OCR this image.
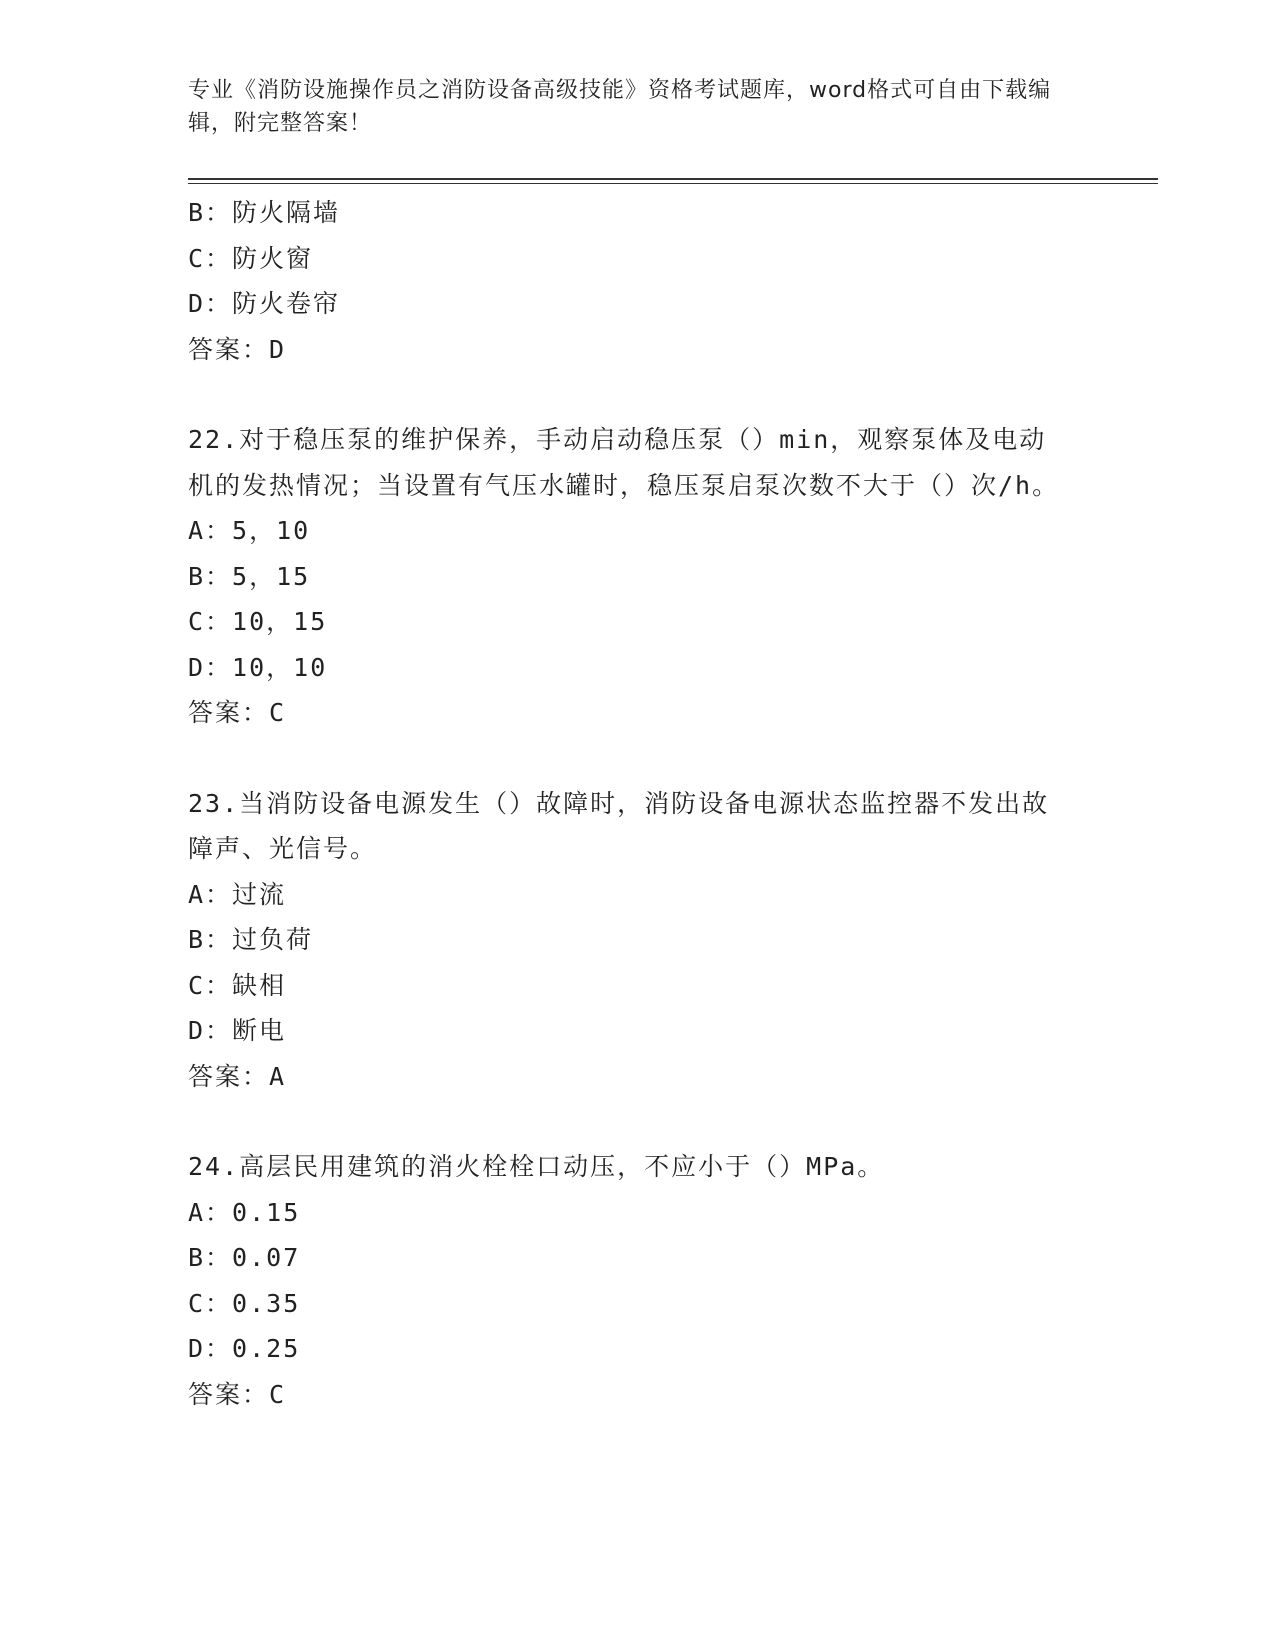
专业《消防设施操作员之消防设备高级技能》资格考试题库，word格式可自由下载编辑，附完整答案！
B：防火隔墙
C：防火窗
D：防火卷帘
答案：D
22.对于稳压泵的维护保养，手动启动稳压泵（）min，观察泵体及电动机的发热情况；当设置有气压水罐时，稳压泵启泵次数不大于（）次/h。
A：5，10
B：5，15
C：10，15
D：10，10
答案：C
23.当消防设备电源发生（）故障时，消防设备电源状态监控器不发出故障声、光信号。
A：过流
B：过负荷
C：缺相
D：断电
答案：A
24.高层民用建筑的消火栓栓口动压，不应小于（）MPa。
A：0.15
B：0.07
C：0.35
D：0.25
答案：C
